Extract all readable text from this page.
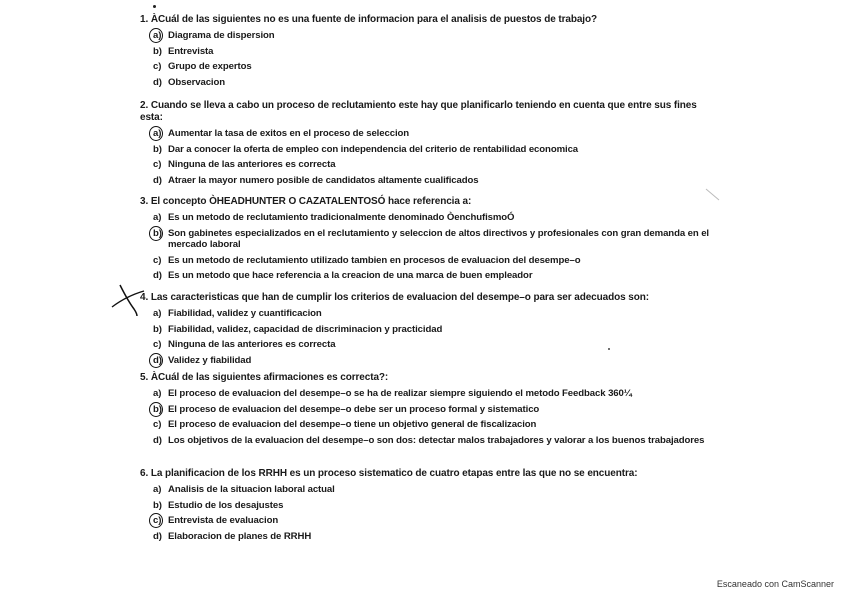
1. ÀCuál de las siguientes no es una fuente de informacion para el analisis de puestos de trabajo?
a) Diagrama de dispersion
b) Entrevista
c) Grupo de expertos
d) Observacion
2. Cuando se lleva a cabo un proceso de reclutamiento este hay que planificarlo teniendo en cuenta que entre sus fines esta:
a) Aumentar la tasa de exitos en el proceso de seleccion
b) Dar a conocer la oferta de empleo con independencia del criterio de rentabilidad economica
c) Ninguna de las anteriores es correcta
d) Atraer la mayor numero posible de candidatos altamente cualificados
3. El concepto ÒHEADHUNTER O CAZATALENTOSÓ hace referencia a:
a) Es un metodo de reclutamiento tradicionalmente denominado ÒenchufismoÓ
b) Son gabinetes especializados en el reclutamiento y seleccion de altos directivos y profesionales con gran demanda en el mercado laboral
c) Es un metodo de reclutamiento utilizado tambien en procesos de evaluacion del desempe–o
d) Es un metodo que hace referencia a la creacion de una marca de buen empleador
4. Las caracteristicas que han de cumplir los criterios de evaluacion del desempe–o para ser adecuados son:
a) Fiabilidad, validez y cuantificacion
b) Fiabilidad, validez, capacidad de discriminacion y practicidad
c) Ninguna de las anteriores es correcta
d) Validez y fiabilidad
5. ÀCuál de las siguientes afirmaciones es correcta?:
a) El proceso de evaluacion del desempe–o se ha de realizar siempre siguiendo el metodo Feedback 360¼
b) El proceso de evaluacion del desempe–o debe ser un proceso formal y sistematico
c) El proceso de evaluacion del desempe–o tiene un objetivo general de fiscalizacion
d) Los objetivos de la evaluacion del desempe–o son dos: detectar malos trabajadores y valorar a los buenos trabajadores
6. La planificacion de los RRHH es un proceso sistematico de cuatro etapas entre las que no se encuentra:
a) Analisis de la situacion laboral actual
b) Estudio de los desajustes
c) Entrevista de evaluacion
d) Elaboracion de planes de RRHH
Escaneado con CamScanner
